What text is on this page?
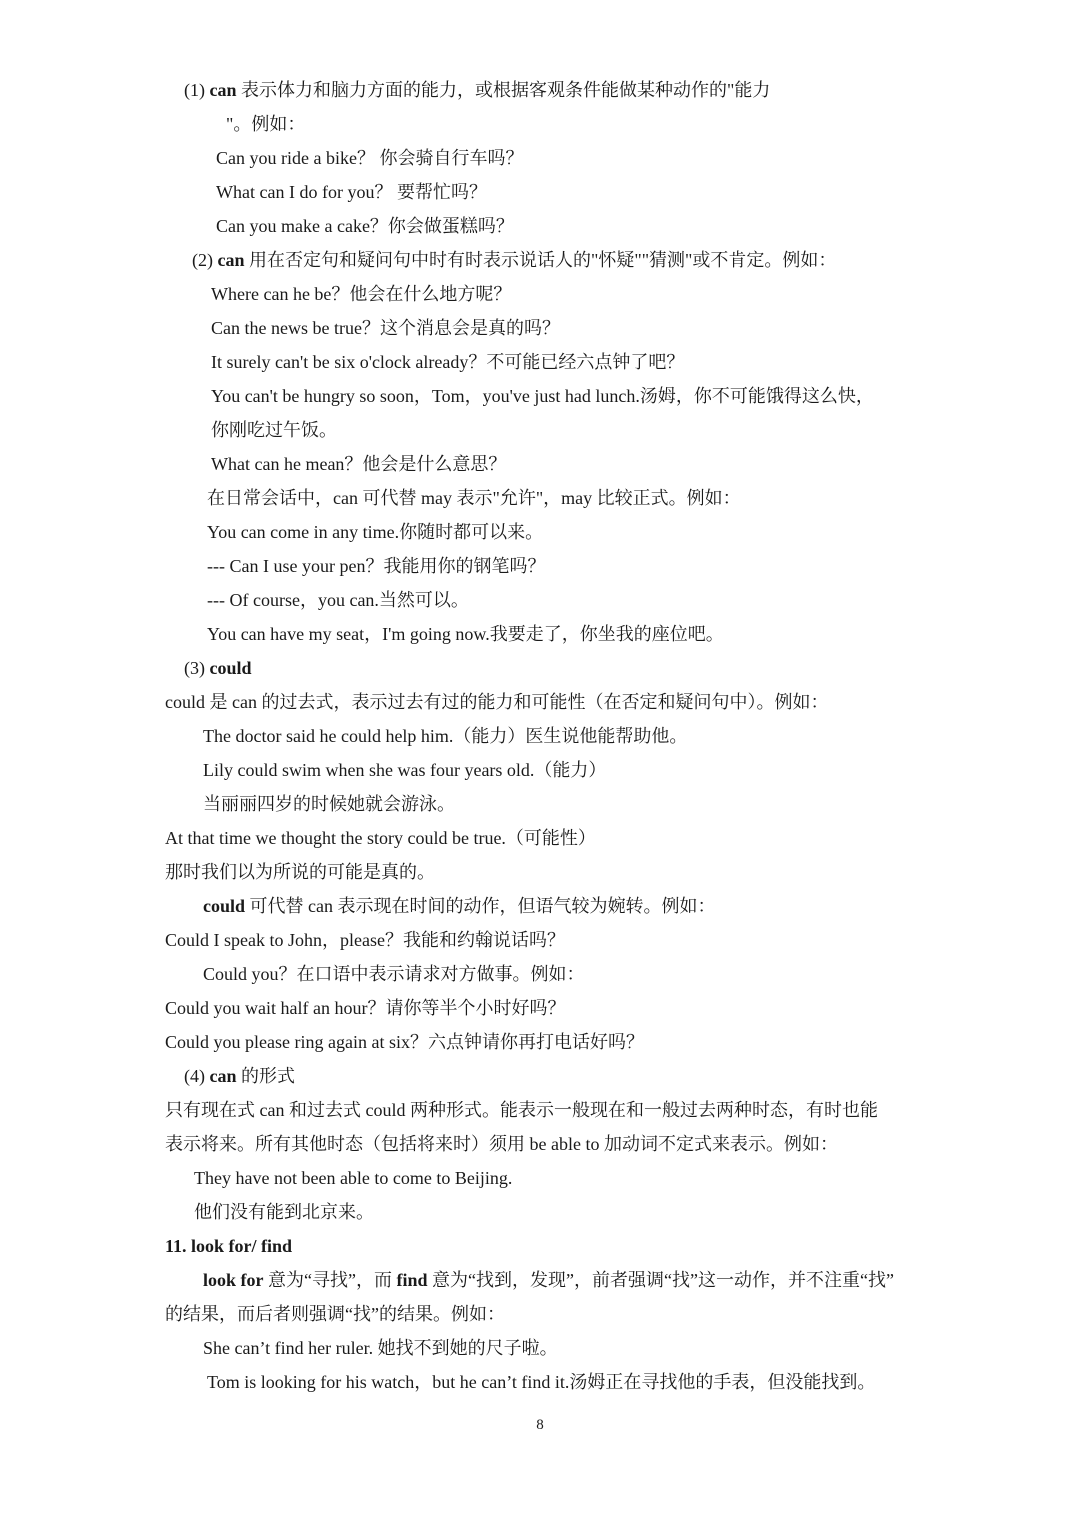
(1) can 表示体力和脑力方面的能力，或根据客观条件能做某种动作的"能力
"。例如：
Can you ride a bike？ 你会骑自行车吗？
What can I do for you？ 要帮忙吗？
Can you make a cake？你会做蛋糕吗？
(2) can 用在否定句和疑问句中时有时表示说话人的"怀疑""猜测"或不肯定。例如：
Where can he be？他会在什么地方呢？
Can the news be true？这个消息会是真的吗？
It surely can't be six o'clock already？不可能已经六点钟了吧？
You can't be hungry so soon，Tom，you've just had lunch.汤姆，你不可能饿得这么快，
你刚吃过午饭。
What can he mean？他会是什么意思？
在日常会话中，can 可代替 may 表示"允许"，may 比较正式。例如：
You can come in any time.你随时都可以来。
--- Can I use your pen？我能用你的钢笔吗？
--- Of course，you can.当然可以。
You can have my seat，I'm going now.我要走了，你坐我的座位吧。
(3) could
could 是 can 的过去式，表示过去有过的能力和可能性（在否定和疑问句中）。例如：
The doctor said he could help him.（能力）医生说他能帮助他。
Lily could swim when she was four years old.（能力）
当丽丽四岁的时候她就会游泳。
At that time we thought the story could be true.（可能性）
那时我们以为所说的可能是真的。
could 可代替 can 表示现在时间的动作，但语气较为婉转。例如：
Could I speak to John，please？我能和约翰说话吗？
Could you？在口语中表示请求对方做事。例如：
Could you wait half an hour？请你等半个小时好吗？
Could you please ring again at six？六点钟请你再打电话好吗？
(4) can 的形式
只有现在式 can 和过去式 could 两种形式。能表示一般现在和一般过去两种时态，有时也能
表示将来。所有其他时态（包括将来时）须用 be able to 加动词不定式来表示。例如：
They have not been able to come to Beijing.
他们没有能到北京来。
11. look for/ find
look for 意为“寻找”，而 find 意为“找到，发现”，前者强调“找”这一动作，并不注重“找”
的结果，而后者则强调“找”的结果。例如：
She can’t find her ruler. 她找不到她的尺子啦。
Tom is looking for his watch，but he can’t find it.汤姆正在寻找他的手表，但没能找到。
8
